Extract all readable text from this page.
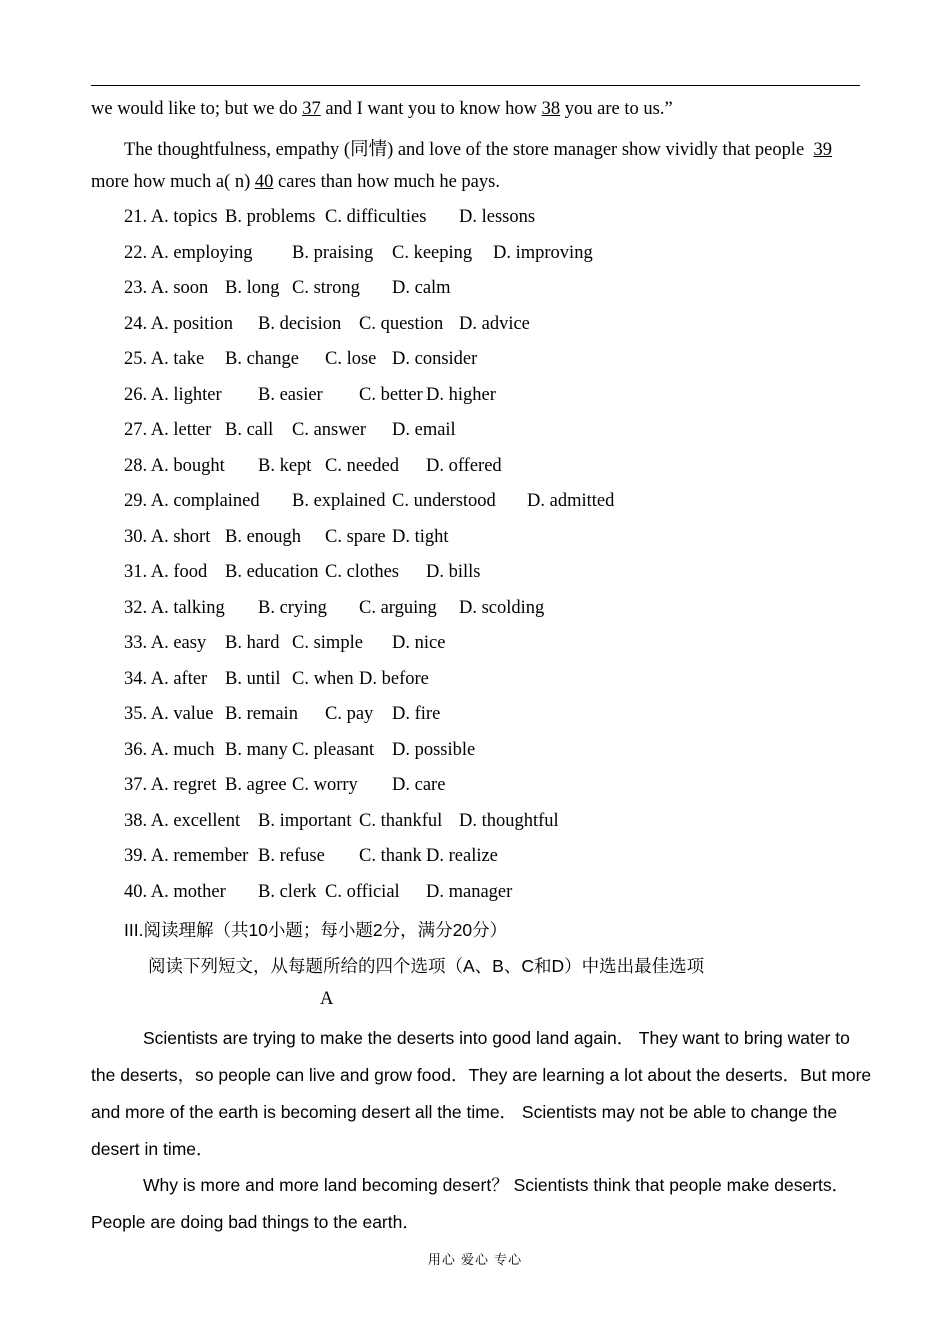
we would like to; but we do 37 and I want you to know how 38 you are to us.”
The thoughtfulness, empathy (同情) and love of the store manager show vividly that people  39
more how much a( n) 40 cares than how much he pays.
21. A. topics B. problems C. difficulties D. lessons
22. A. employing B. praising C. keeping D. improving
23. A. soon B. long C. strong D. calm
24. A. position B. decision C. question D. advice
25. A. take B. change C. lose D. consider
26. A. lighter B. easier C. better D. higher
27. A. letter B. call C. answer D. email
28. A. bought B. kept C. needed D. offered
29. A. complained B. explained C. understood D. admitted
30. A. short B. enough C. spare D. tight
31. A. food B. education C. clothes D. bills
32. A. talking B. crying C. arguing D. scolding
33. A. easy B. hard C. simple D. nice
34. A. after B. until C. when D. before
35. A. value B. remain C. pay D. fire
36. A. much B. many C. pleasant D. possible
37. A. regret B. agree C. worry D. care
38. A. excellent B. important C. thankful D. thoughtful
39. A. remember B. refuse C. thank D. realize
40. A. mother B. clerk C. official D. manager
III.阅读理解（共10小题；每小题2分，满分20分）
阅读下列短文，从每题所给的四个选项（A、B、C和D）中选出最佳选项
A
Scientists are trying to make the deserts into good land again． They want to bring water to
the deserts，so people can live and grow food．They are learning a lot about the deserts．But more
and more of the earth is becoming desert all the time． Scientists may not be able to change the
desert in time．
Why is more and more land becoming desert？ Scientists think that people make deserts．
People are doing bad things to the earth．
用心 爱心 专心
